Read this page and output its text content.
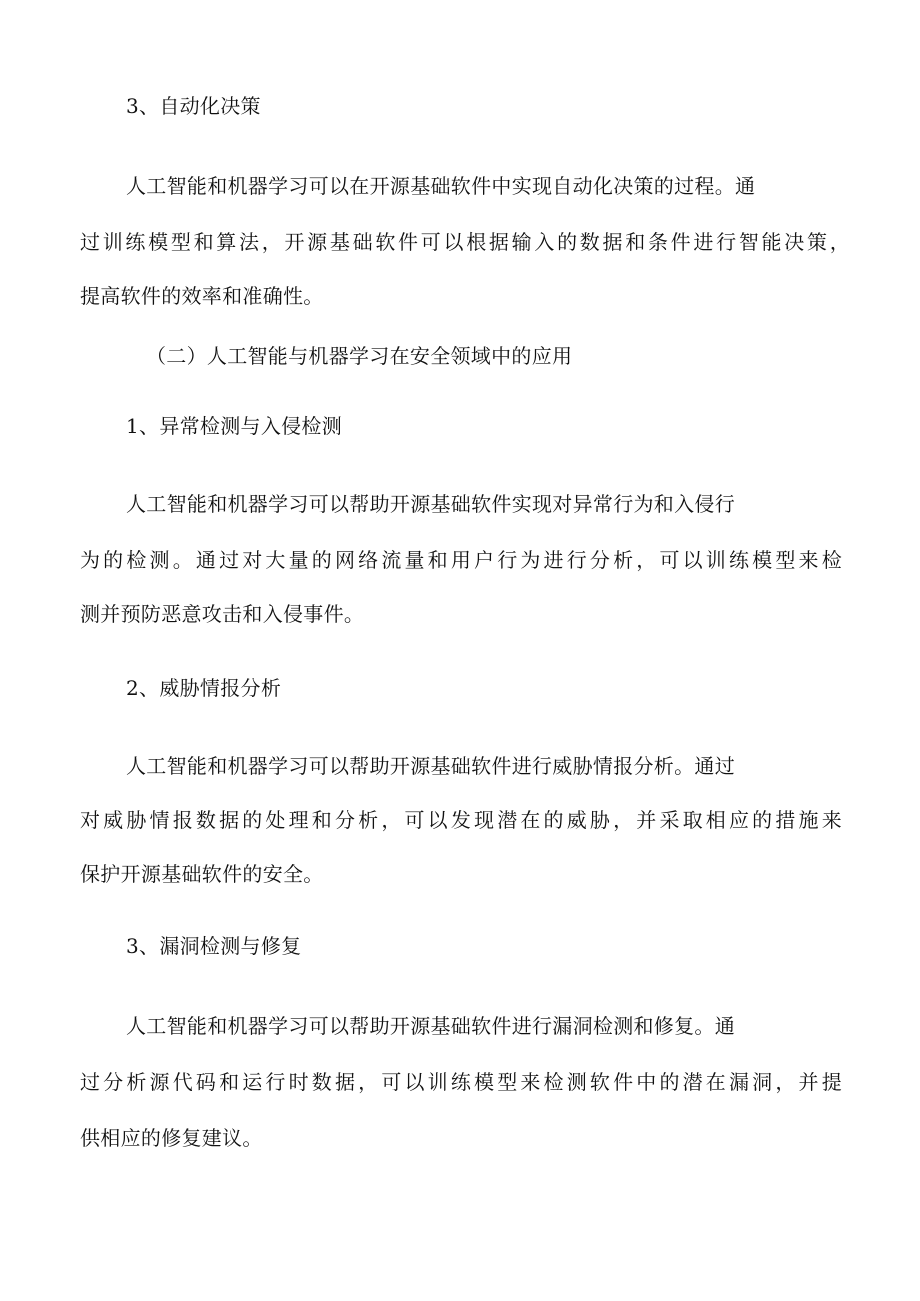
3、自动化决策
人工智能和机器学习可以在开源基础软件中实现自动化决策的过程。通
过训练模型和算法，开源基础软件可以根据输入的数据和条件进行智能决策，
提高软件的效率和准确性。
（二）人工智能与机器学习在安全领域中的应用
1、异常检测与入侵检测
人工智能和机器学习可以帮助开源基础软件实现对异常行为和入侵行
为的检测。通过对大量的网络流量和用户行为进行分析，可以训练模型来检
测并预防恶意攻击和入侵事件。
2、威胁情报分析
人工智能和机器学习可以帮助开源基础软件进行威胁情报分析。通过
对威胁情报数据的处理和分析，可以发现潜在的威胁，并采取相应的措施来
保护开源基础软件的安全。
3、漏洞检测与修复
人工智能和机器学习可以帮助开源基础软件进行漏洞检测和修复。通
过分析源代码和运行时数据，可以训练模型来检测软件中的潜在漏洞，并提
供相应的修复建议。
